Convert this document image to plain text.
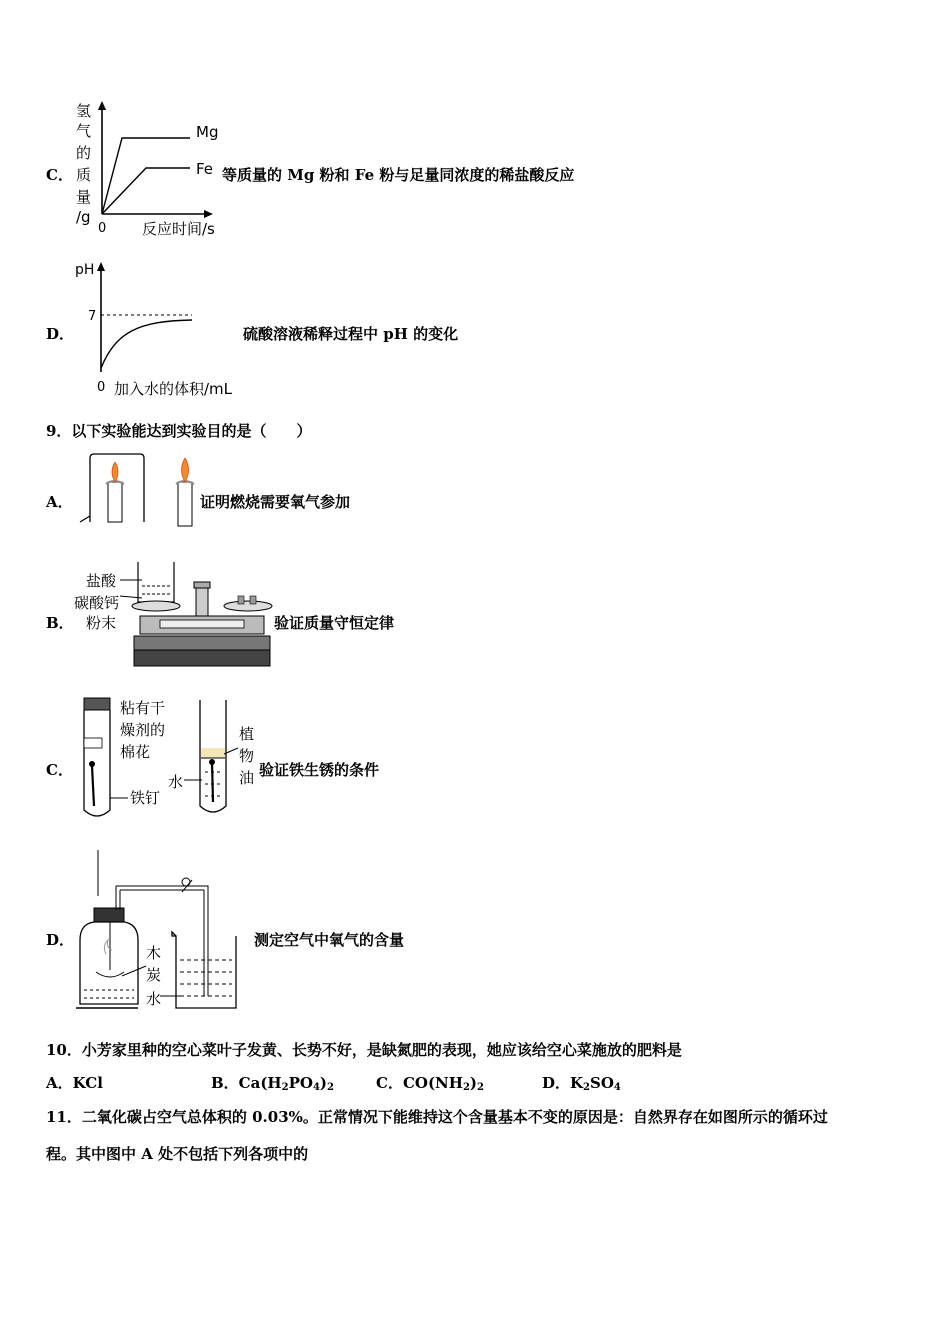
C．
氢
气
的
质
量
/g
0 反应时间/s
Mg
Fe 等质量的 Mg 粉和 Fe 粉与足量同浓度的稀盐酸反应
D．
pH
7
0 加入水的体积/mL
硫酸溶液稀释过程中 pH 的变化
9．以下实验能达到实验目的是（　　）
A．	证明燃烧需要氧气参加
B．
盐酸
碳酸钙
粉末	验证质量守恒定律
C．
粘有干
燥剂的
棉花
铁钉
植
物
油
水
验证铁生锈的条件
D．
木
炭
水
测定空气中氧气的含量
10．小芳家里种的空心菜叶子发黄、长势不好，是缺氮肥的表现，她应该给空心菜施放的肥料是
A．KCl	B．$Ca(H_2PO_4)_2$	C．$CO(NH_2)_2$	D．$K_2SO_4$
11．二氧化碳占空气总体积的 0.03%。正常情况下能维持这个含量基本不变的原因是：自然界存在如图所示的循环过
程。其中图中 A 处不包括下列各项中的
